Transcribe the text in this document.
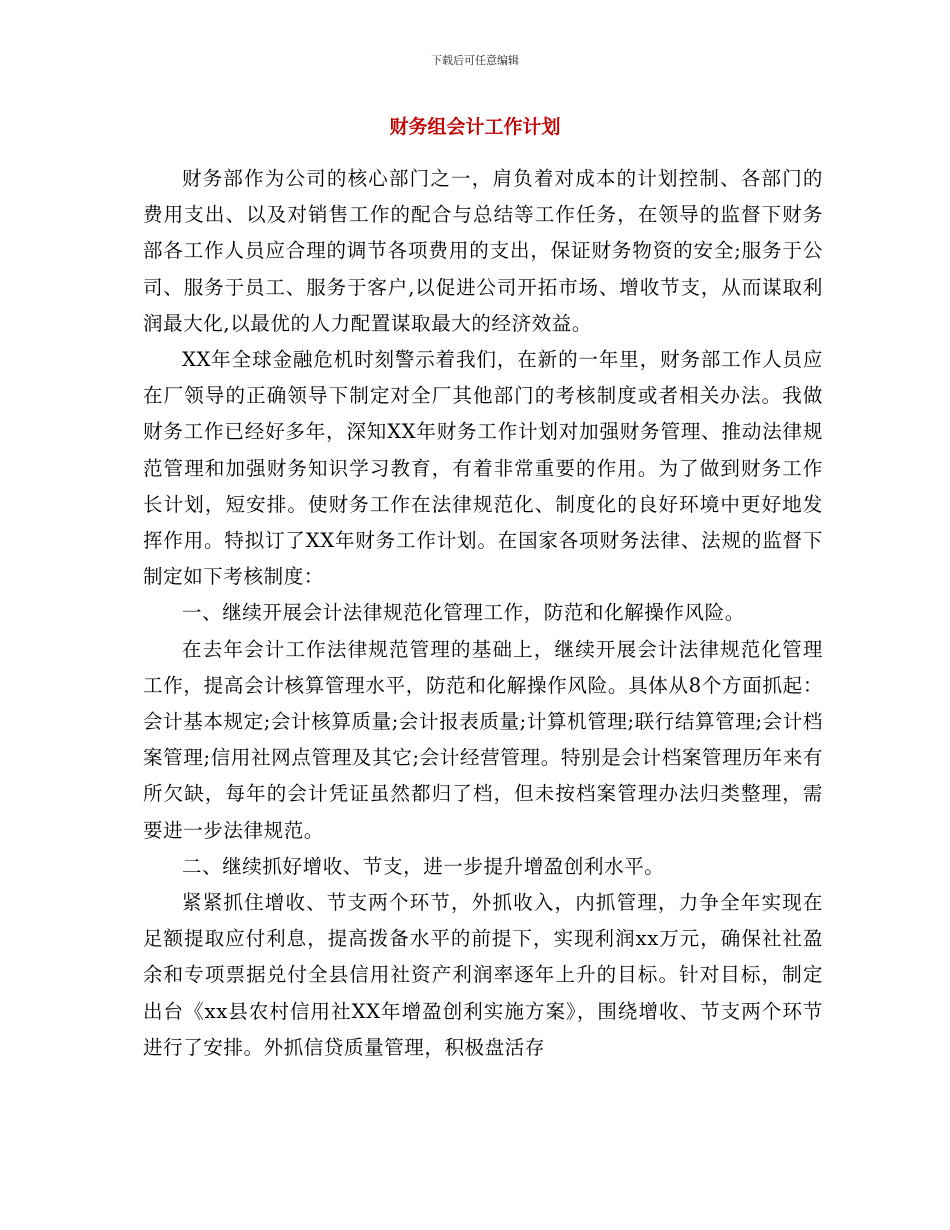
下载后可任意编辑
财务组会计工作计划

财务部作为公司的核心部门之一，肩负着对成本的计划控制、各部门的费用支出、以及对销售工作的配合与总结等工作任务，在领导的监督下财务部各工作人员应合理的调节各项费用的支出，保证财务物资的安全;服务于公司、服务于员工、服务于客户,以促进公司开拓市场、增收节支，从而谋取利润最大化,以最优的人力配置谋取最大的经济效益。

XX年全球金融危机时刻警示着我们，在新的一年里，财务部工作人员应在厂领导的正确领导下制定对全厂其他部门的考核制度或者相关办法。我做财务工作已经好多年，深知XX年财务工作计划对加强财务管理、推动法律规范管理和加强财务知识学习教育，有着非常重要的作用。为了做到财务工作长计划，短安排。使财务工作在法律规范化、制度化的良好环境中更好地发挥作用。特拟订了XX年财务工作计划。在国家各项财务法律、法规的监督下制定如下考核制度：

一、继续开展会计法律规范化管理工作，防范和化解操作风险。

在去年会计工作法律规范管理的基础上，继续开展会计法律规范化管理工作，提高会计核算管理水平，防范和化解操作风险。具体从8个方面抓起：会计基本规定;会计核算质量;会计报表质量;计算机管理;联行结算管理;会计档案管理;信用社网点管理及其它;会计经营管理。特别是会计档案管理历年来有所欠缺，每年的会计凭证虽然都归了档，但未按档案管理办法归类整理，需要进一步法律规范。

二、继续抓好增收、节支，进一步提升增盈创利水平。

紧紧抓住增收、节支两个环节，外抓收入，内抓管理，力争全年实现在足额提取应付利息，提高拨备水平的前提下，实现利润xx万元，确保社社盈余和专项票据兑付全县信用社资产利润率逐年上升的目标。针对目标，制定出台《xx县农村信用社XX年增盈创利实施方案》，围绕增收、节支两个环节进行了安排。外抓信贷质量管理，积极盘活存
